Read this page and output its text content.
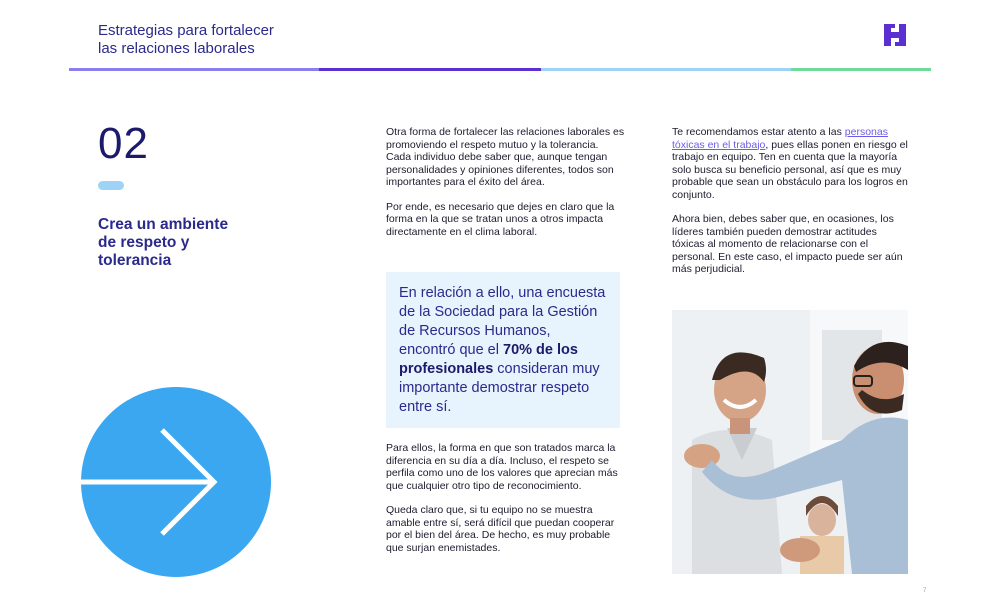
Estrategias para fortalecer
las relaciones laborales
02
Crea un ambiente
de respeto y
tolerancia

Otra forma de fortalecer las relaciones laborales es promoviendo el respeto mutuo y la tolerancia. Cada individuo debe saber que, aunque tengan personalidades y opiniones diferentes, todos son importantes para el éxito del área.

Por ende, es necesario que dejes en claro que la forma en la que se tratan unos a otros impacta directamente en el clima laboral.

En relación a ello, una encuesta de la Sociedad para la Gestión de Recursos Humanos, encontró que el 70% de los profesionales consideran muy importante demostrar respeto entre sí.

Para ellos, la forma en que son tratados marca la diferencia en su día a día. Incluso, el respeto se perfila como uno de los valores que aprecian más que cualquier otro tipo de reconocimiento.

Queda claro que, si tu equipo no se muestra amable entre sí, será difícil que puedan cooperar por el bien del área. De hecho, es muy probable que surjan enemistades.

Te recomendamos estar atento a las personas tóxicas en el trabajo, pues ellas ponen en riesgo el trabajo en equipo. Ten en cuenta que la mayoría solo busca su beneficio personal, así que es muy probable que sean un obstáculo para los logros en conjunto.

Ahora bien, debes saber que, en ocasiones, los líderes también pueden demostrar actitudes tóxicas al momento de relacionarse con el personal. En este caso, el impacto puede ser aún más perjudicial.

7
